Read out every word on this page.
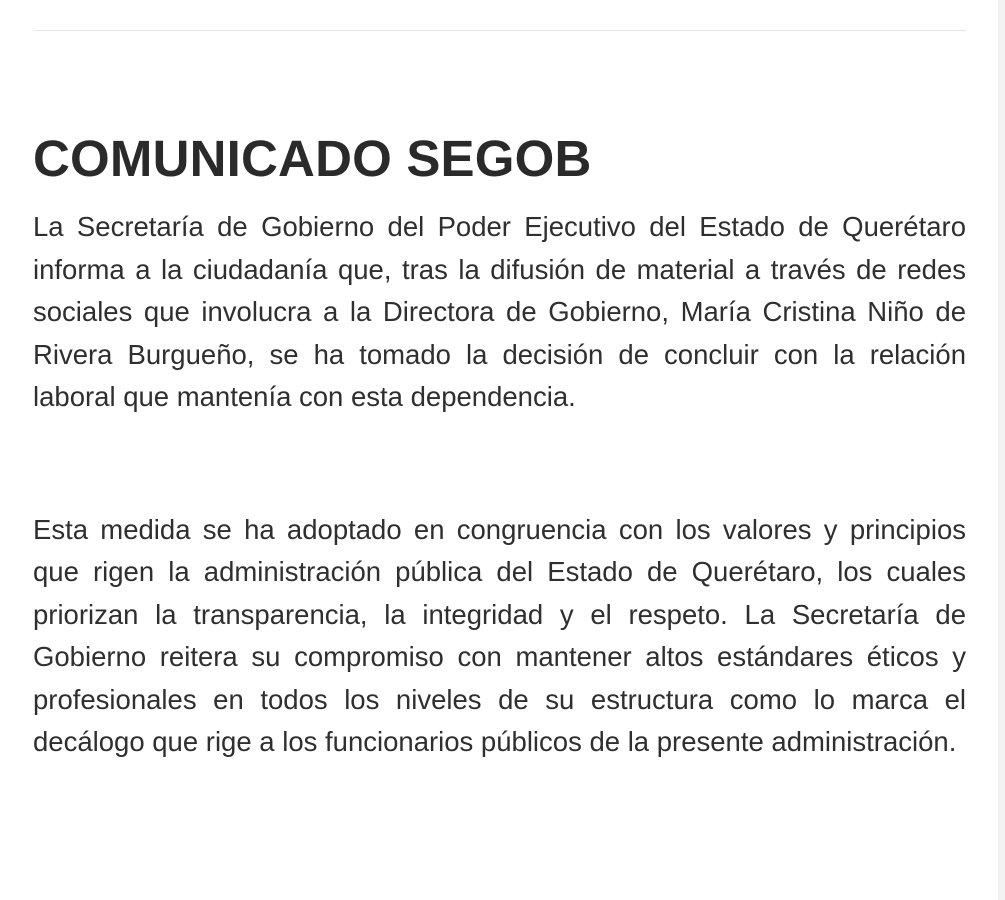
COMUNICADO SEGOB

La Secretaría de Gobierno del Poder Ejecutivo del Estado de Querétaro informa a la ciudadanía que, tras la difusión de material a través de redes sociales que involucra a la Directora de Gobierno, María Cristina Niño de Rivera Burgueño, se ha tomado la decisión de concluir con la relación laboral que mantenía con esta dependencia.

Esta medida se ha adoptado en congruencia con los valores y principios que rigen la administración pública del Estado de Querétaro, los cuales priorizan la transparencia, la integridad y el respeto. La Secretaría de Gobierno reitera su compromiso con mantener altos estándares éticos y profesionales en todos los niveles de su estructura como lo marca el decálogo que rige a los funcionarios públicos de la presente administración.
